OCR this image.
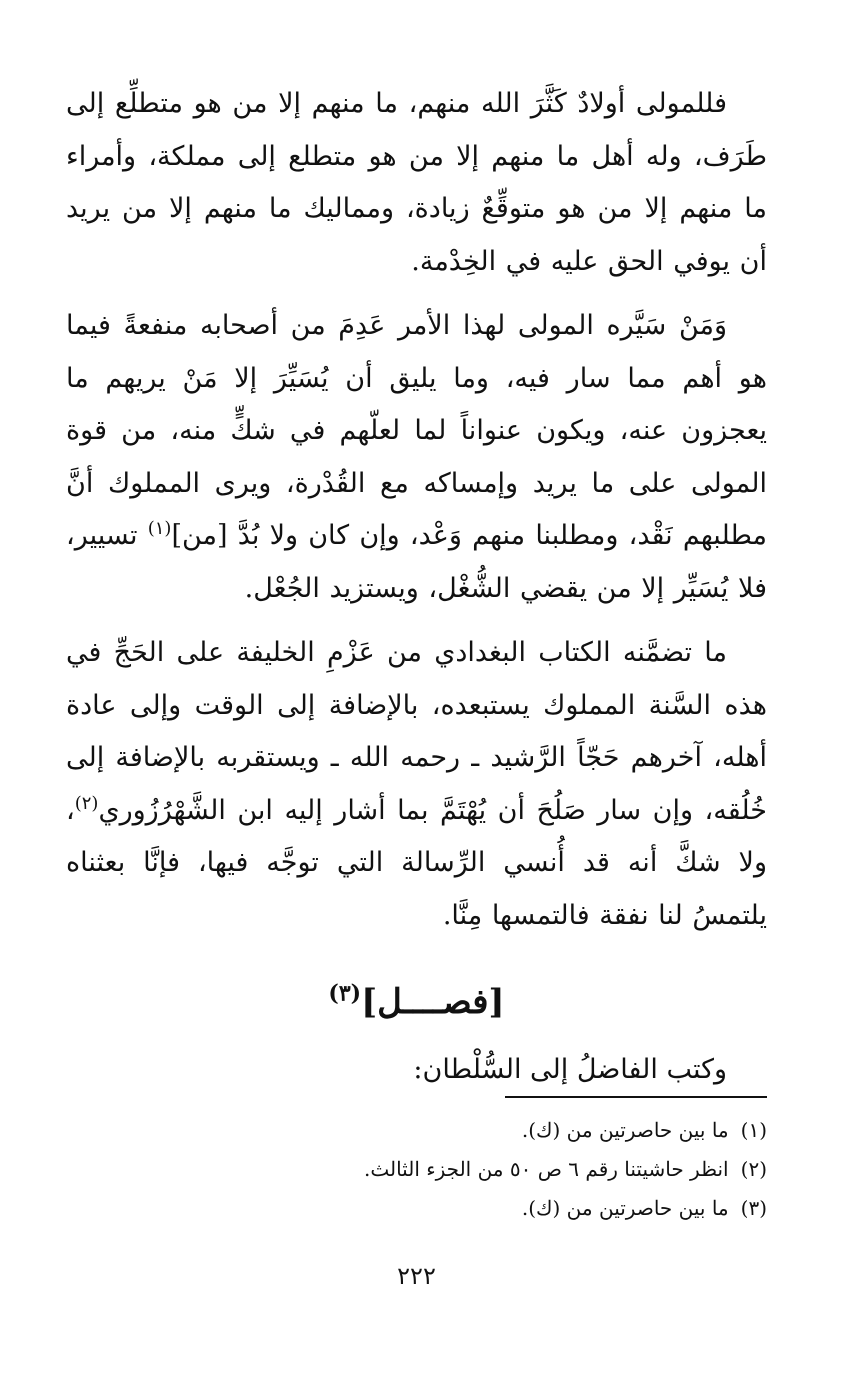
فللمولى أولادٌ كَثَّرَ الله منهم، ما منهم إلا من هو متطلِّع إلى طَرَف، وله أهل ما منهم إلا من هو متطلع إلى مملكة، وأمراء ما منهم إلا من هو متوقِّعٌ زيادة، ومماليك ما منهم إلا من يريد أن يوفي الحق عليه في الخِدْمة.

وَمَنْ سَيَّره المولى لهذا الأمر عَدِمَ من أصحابه منفعةً فيما هو أهم مما سار فيه، وما يليق أن يُسَيِّرَ إلا مَنْ يريهم ما يعجزون عنه، ويكون عنواناً لما لعلّهم في شكٍّ منه، من قوة المولى على ما يريد وإمساكه مع القُدْرة، ويرى المملوك أنَّ مطلبهم نَقْد، ومطلبنا منهم وَعْد، وإن كان ولا بُدَّ [من]$^{(١)}$ تسيير، فلا يُسَيِّر إلا من يقضي الشُّغْل، ويستزيد الجُعْل.

ما تضمَّنه الكتاب البغدادي من عَزْمِ الخليفة على الحَجِّ في هذه السَّنة المملوك يستبعده، بالإضافة إلى الوقت وإلى عادة أهله، آخرهم حَجّاً الرَّشيد ـ رحمه الله ـ ويستقربه بالإضافة إلى خُلُقه، وإن سار صَلُحَ أن يُهْتَمَّ بما أشار إليه ابن الشَّهْرُزُوري$^{(٢)}$، ولا شكَّ أنه قد أُنسي الرِّسالة التي توجَّه فيها، فإنَّا بعثناه يلتمسُ لنا نفقة فالتمسها مِنَّا.

[فصــــل]$^{(٣)}$

وكتب الفاضلُ إلى السُّلْطان:

(١)ما بين حاصرتين من (ك).
(٢)انظر حاشيتنا رقم ٦ ص ٥٠ من الجزء الثالث.
(٣)ما بين حاصرتين من (ك).
٢٢٢
